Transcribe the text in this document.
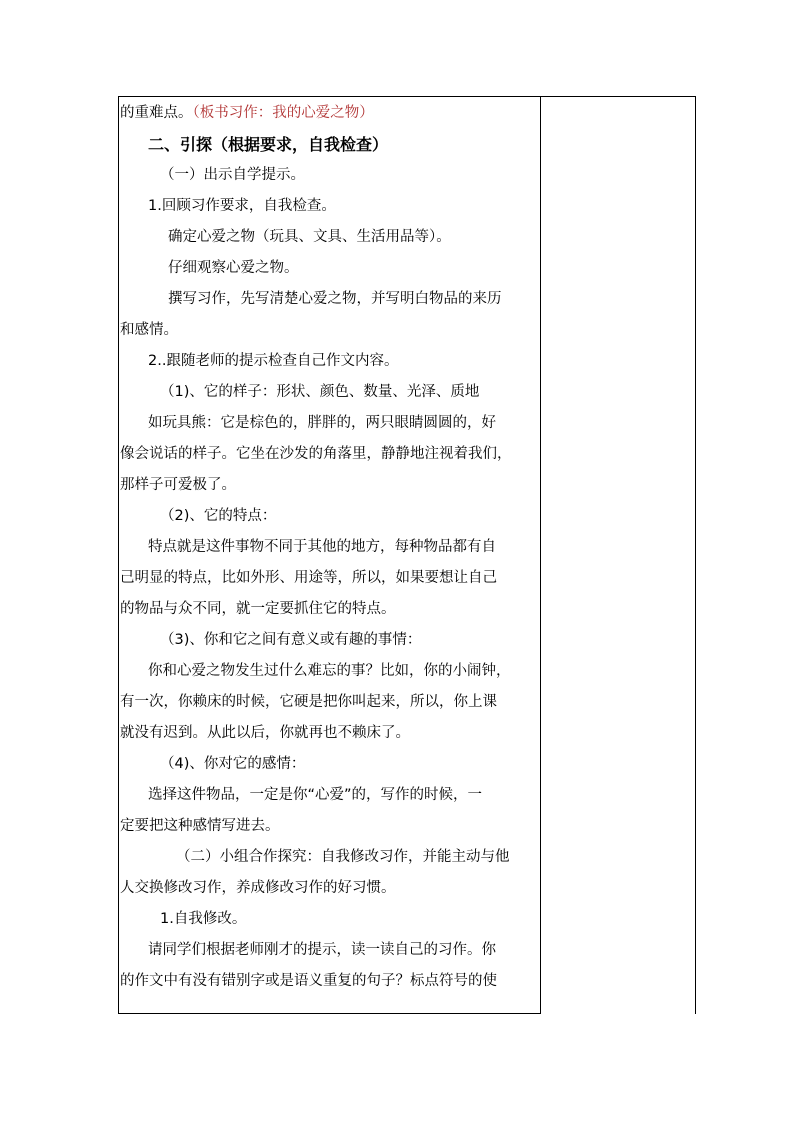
的重难点。（板书习作：我的心爱之物）
二、引探（根据要求，自我检查）
（一）出示自学提示。
1.回顾习作要求，自我检查。
确定心爱之物（玩具、文具、生活用品等）。
仔细观察心爱之物。
撰写习作，先写清楚心爱之物，并写明白物品的来历
和感情。
2..跟随老师的提示检查自己作文内容。
（1)、它的样子：形状、颜色、数量、光泽、质地
如玩具熊：它是棕色的，胖胖的，两只眼睛圆圆的，好
像会说话的样子。它坐在沙发的角落里，静静地注视着我们，
那样子可爱极了。
（2)、它的特点：
特点就是这件事物不同于其他的地方，每种物品都有自
己明显的特点，比如外形、用途等，所以，如果要想让自己
的物品与众不同，就一定要抓住它的特点。
（3)、你和它之间有意义或有趣的事情：
你和心爱之物发生过什么难忘的事？比如，你的小闹钟，
有一次，你赖床的时候，它硬是把你叫起来，所以，你上课
就没有迟到。从此以后，你就再也不赖床了。
（4)、你对它的感情：
选择这件物品，一定是你“心爱”的，写作的时候，一
定要把这种感情写进去。
（二）小组合作探究：自我修改习作，并能主动与他
人交换修改习作，养成修改习作的好习惯。
1.自我修改。
请同学们根据老师刚才的提示，读一读自己的习作。你
的作文中有没有错别字或是语义重复的句子？标点符号的使
